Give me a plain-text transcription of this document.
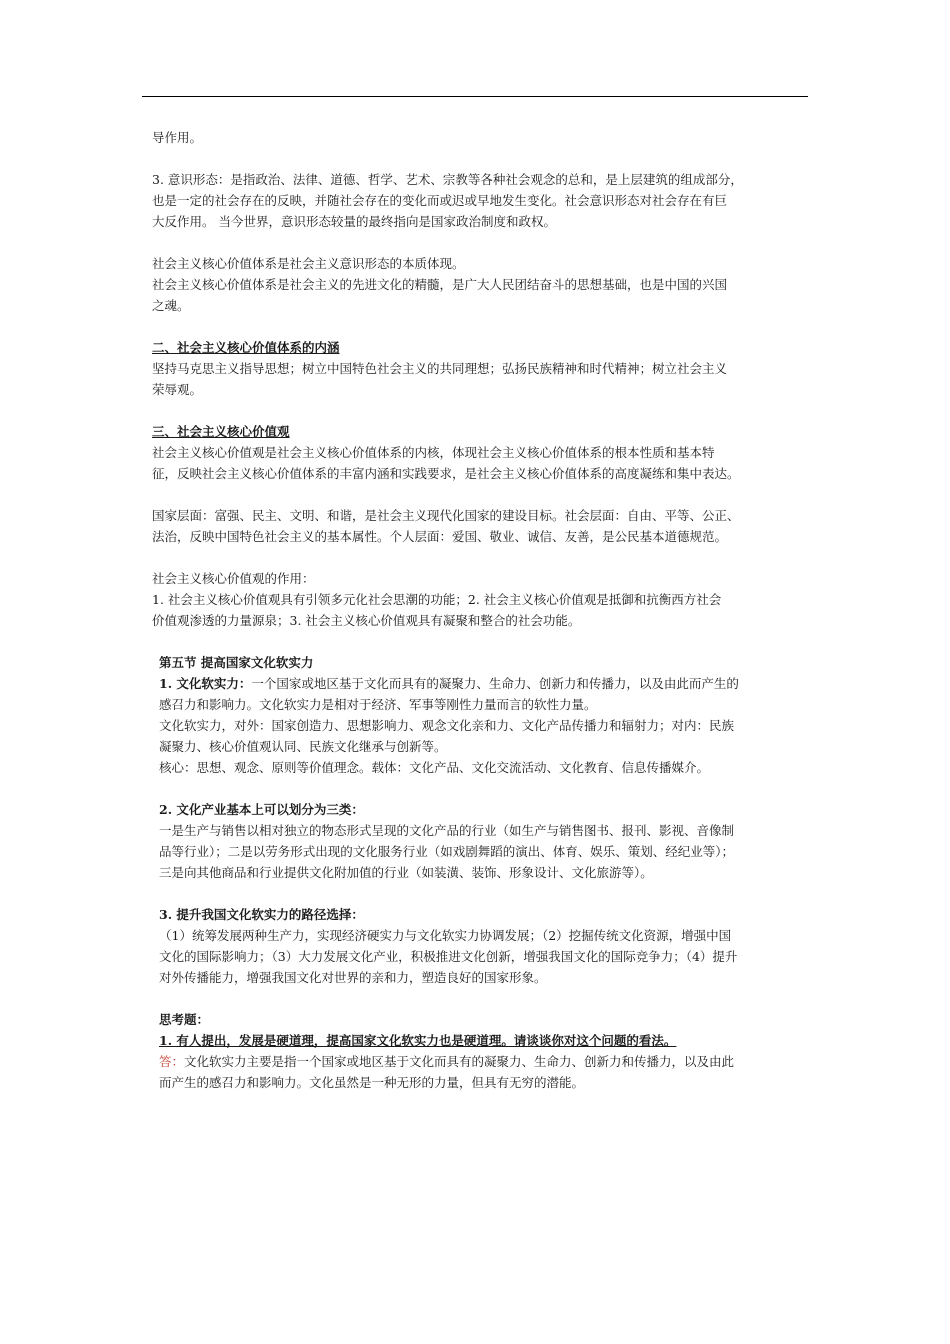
导作用。

3. 意识形态：是指政治、法律、道德、哲学、艺术、宗教等各种社会观念的总和，是上层建筑的组成部分，

也是一定的社会存在的反映，并随社会存在的变化而或迟或早地发生变化。社会意识形态对社会存在有巨

大反作用。 当今世界，意识形态较量的最终指向是国家政治制度和政权。

社会主义核心价值体系是社会主义意识形态的本质体现。

社会主义核心价值体系是社会主义的先进文化的精髓，是广大人民团结奋斗的思想基础，也是中国的兴国

之魂。

二、社会主义核心价值体系的内涵

坚持马克思主义指导思想；树立中国特色社会主义的共同理想；弘扬民族精神和时代精神；树立社会主义

荣辱观。

三、社会主义核心价值观

社会主义核心价值观是社会主义核心价值体系的内核，体现社会主义核心价值体系的根本性质和基本特

征，反映社会主义核心价值体系的丰富内涵和实践要求，是社会主义核心价值体系的高度凝练和集中表达。

国家层面：富强、民主、文明、和谐，是社会主义现代化国家的建设目标。社会层面：自由、平等、公正、

法治，反映中国特色社会主义的基本属性。个人层面：爱国、敬业、诚信、友善，是公民基本道德规范。

社会主义核心价值观的作用：

1. 社会主义核心价值观具有引领多元化社会思潮的功能；2. 社会主义核心价值观是抵御和抗衡西方社会

价值观渗透的力量源泉；3. 社会主义核心价值观具有凝聚和整合的社会功能。

第五节 提高国家文化软实力

1. 文化软实力：一个国家或地区基于文化而具有的凝聚力、生命力、创新力和传播力，以及由此而产生的

感召力和影响力。文化软实力是相对于经济、军事等刚性力量而言的软性力量。

文化软实力，对外：国家创造力、思想影响力、观念文化亲和力、文化产品传播力和辐射力；对内：民族

凝聚力、核心价值观认同、民族文化继承与创新等。

核心：思想、观念、原则等价值理念。载体：文化产品、文化交流活动、文化教育、信息传播媒介。

2. 文化产业基本上可以划分为三类：

一是生产与销售以相对独立的物态形式呈现的文化产品的行业（如生产与销售图书、报刊、影视、音像制

品等行业）；二是以劳务形式出现的文化服务行业（如戏剧舞蹈的演出、体育、娱乐、策划、经纪业等）；

三是向其他商品和行业提供文化附加值的行业（如装潢、装饰、形象设计、文化旅游等）。

3. 提升我国文化软实力的路径选择：

（1）统筹发展两种生产力，实现经济硬实力与文化软实力协调发展；（2）挖掘传统文化资源，增强中国

文化的国际影响力；（3）大力发展文化产业，积极推进文化创新，增强我国文化的国际竞争力；（4）提升

对外传播能力，增强我国文化对世界的亲和力，塑造良好的国家形象。

思考题：

1. 有人提出，发展是硬道理，提高国家文化软实力也是硬道理。请谈谈你对这个问题的看法。

答：文化软实力主要是指一个国家或地区基于文化而具有的凝聚力、生命力、创新力和传播力，以及由此

而产生的感召力和影响力。文化虽然是一种无形的力量，但具有无穷的潜能。
